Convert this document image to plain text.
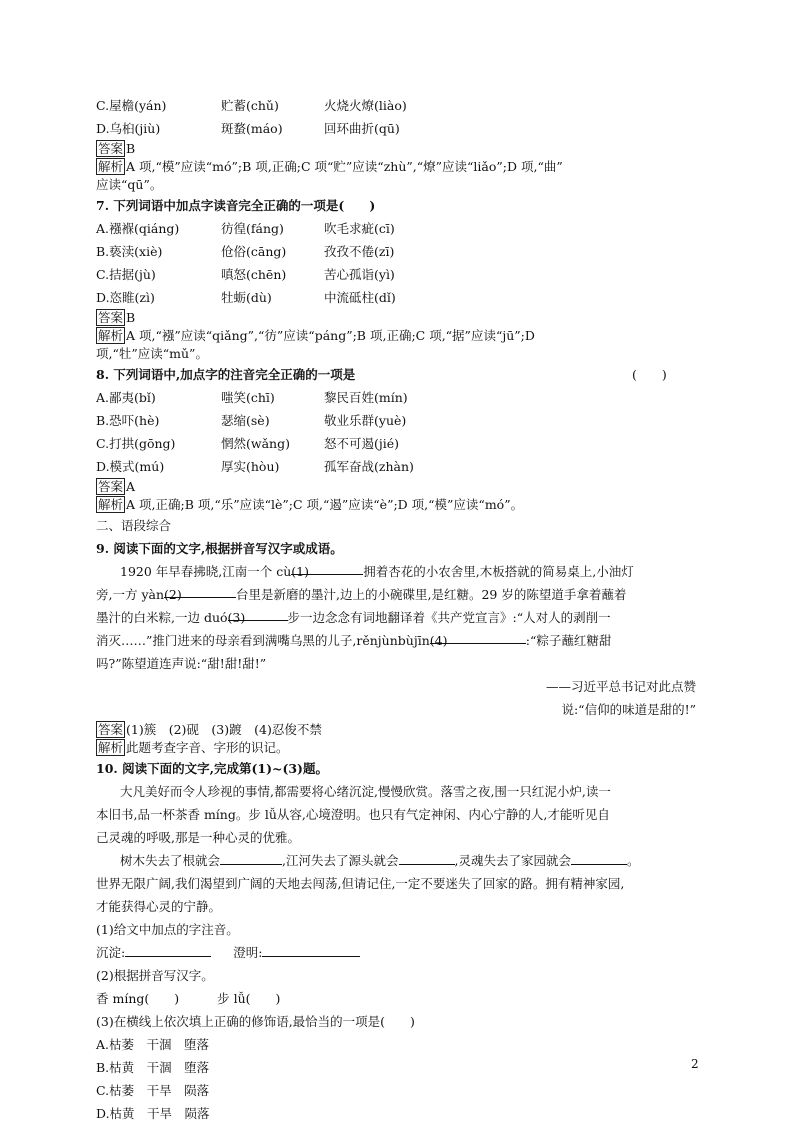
C.屋檐(yán)	贮蓄(chǔ)	火烧火燎(liào)
D.乌桕(jiù)	斑蝥(máo)	回环曲折(qū)
答案 B
解析 A 项,“模”应读“mó”;B 项,正确;C 项“贮”应读“zhù”,“燎”应读“liǎo”;D 项,“曲”
应读“qū”。
7. 下列词语中加点字读音完全正确的一项是(　　)
A.襁褓(qiáng)	彷徨(fáng)	吹毛求疵(cī)
B.亵渎(xiè)	伧俗(cāng)	孜孜不倦(zī)
C.拮据(jù)	嗔怒(chēn)	苦心孤诣(yì)
D.恣睢(zì)	牡蛎(dù)	中流砥柱(dǐ)
答案 B
解析 A 项,“襁”应读“qiǎng”,“彷”应读“páng”;B 项,正确;C 项,“据”应读“jū”;D
项,“牡”应读“mǔ”。
8. 下列词语中,加点字的注音完全正确的一项是	(　　)
A.鄙夷(bǐ)	嗤笑(chī)	黎民百姓(mín)
B.恐吓(hè)	瑟缩(sè)	敬业乐群(yuè)
C.打拱(gōng)	惘然(wǎng)	怒不可遏(jié)
D.模式(mú)	厚实(hòu)	孤军奋战(zhàn)
答案 A
解析 A 项,正确;B 项,“乐”应读“lè”;C 项,“遏”应读“è”;D 项,“模”应读“mó”。
二、语段综合
9. 阅读下面的文字,根据拼音写汉字或成语。
1920 年早春拂晓,江南一个 cù(1)	拥着杏花的小农舍里,木板搭就的简易桌上,小油灯
旁,一方 yàn(2)	台里是新磨的墨汁,边上的小碗碟里,是红糖。29 岁的陈望道手拿着蘸着
墨汁的白米粽,一边 duó(3)	步一边念念有词地翻译着《共产党宣言》:“人对人的剥削一
消灭……”推门进来的母亲看到满嘴乌黑的儿子,rěnjùnbùjīn(4)	:“粽子蘸红糖甜
吗?”陈望道连声说:“甜!甜!甜!”
——习近平总书记对此点赞
说:“信仰的味道是甜的!”
答案 (1)簇　(2)砚　(3)踱　(4)忍俊不禁
解析 此题考查字音、字形的识记。
10. 阅读下面的文字,完成第(1)~(3)题。
大凡美好而令人珍视的事情,都需要将心绪沉淀,慢慢欣赏。落雪之夜,围一只红泥小炉,读一
本旧书,品一杯茶香 míng。步 lǚ从容,心境澄明。也只有气定神闲、内心宁静的人,才能听见自
己灵魂的呼吸,那是一种心灵的优雅。
树木失去了根就会	,江河失去了源头就会	,灵魂失去了家园就会	。
世界无限广阔,我们渴望到广阔的天地去闯荡,但请记住,一定不要迷失了回家的路。拥有精神家园,
才能获得心灵的宁静。
(1)给文中加点的字注音。
沉淀:	澄明:
(2)根据拼音写汉字。
香 míng(　　)	步 lǚ(　　)
(3)在横线上依次填上正确的修饰语,最恰当的一项是(　　)
A.枯萎　干涸　堕落
B.枯黄　干涸　堕落
C.枯萎　干旱　陨落
D.枯黄　干旱　陨落
2
